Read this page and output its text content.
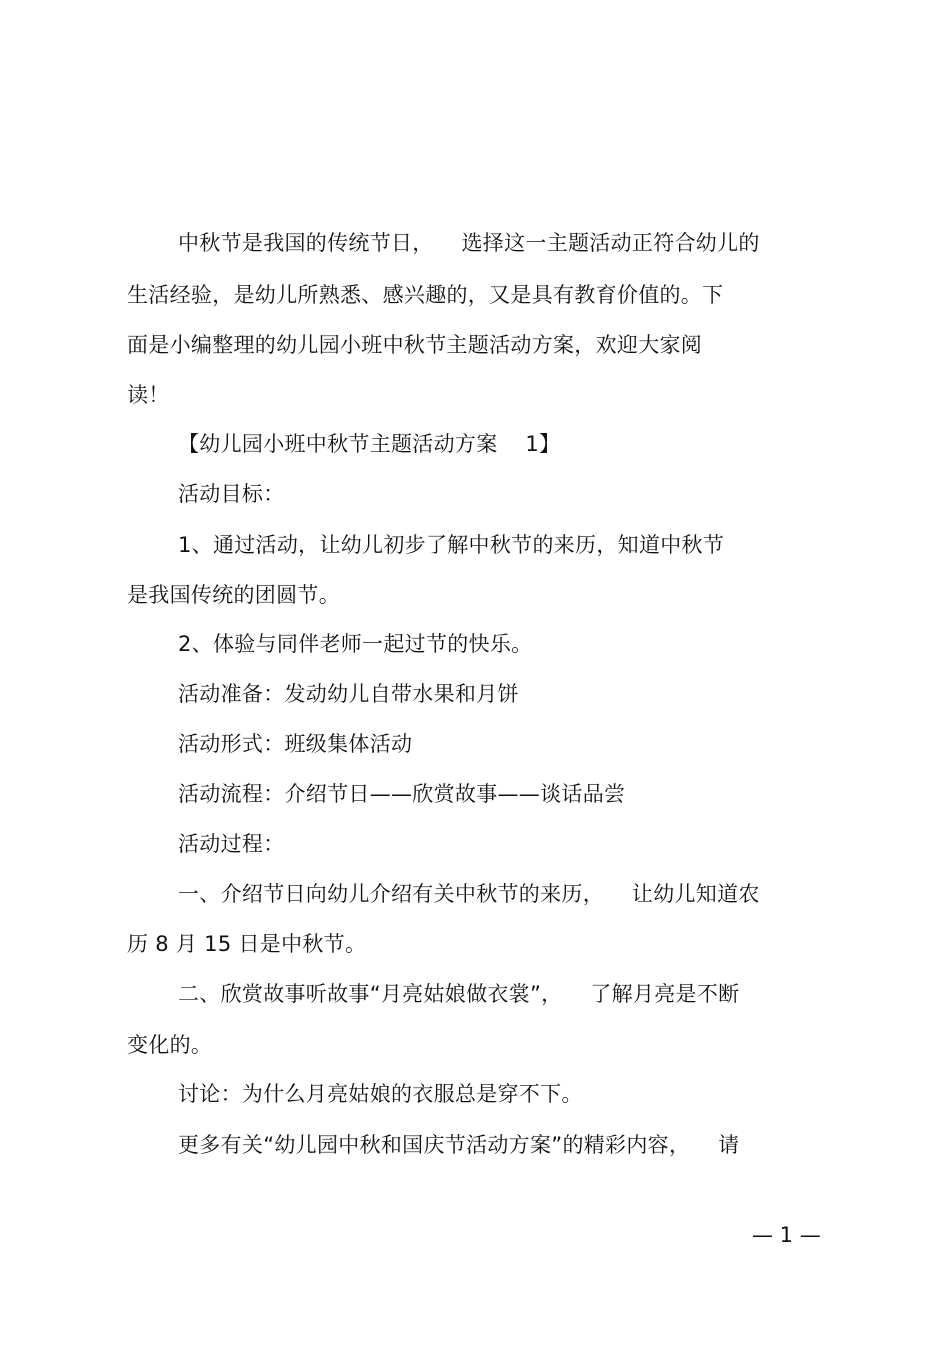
中秋节是我国的传统节日，    选择这一主题活动正符合幼儿的
生活经验，是幼儿所熟悉、感兴趣的，又是具有教育价值的。下
面是小编整理的幼儿园小班中秋节主题活动方案，欢迎大家阅
读！
【幼儿园小班中秋节主题活动方案    1】
活动目标：
1、通过活动，让幼儿初步了解中秋节的来历，知道中秋节
是我国传统的团圆节。
2、体验与同伴老师一起过节的快乐。
活动准备：发动幼儿自带水果和月饼
活动形式：班级集体活动
活动流程：介绍节日——欣赏故事——谈话品尝
活动过程：
一、介绍节日向幼儿介绍有关中秋节的来历，    让幼儿知道农
历 8 月 15 日是中秋节。
二、欣赏故事听故事“月亮姑娘做衣裳”，    了解月亮是不断
变化的。
讨论：为什么月亮姑娘的衣服总是穿不下。
更多有关“幼儿园中秋和国庆节活动方案”的精彩内容，    请
— 1 —
